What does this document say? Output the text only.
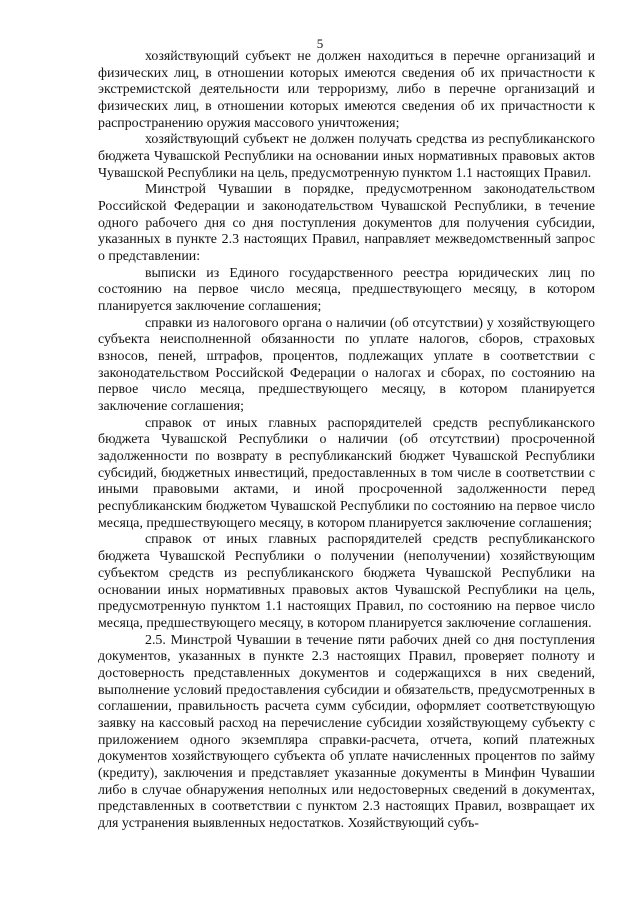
5

хозяйствующий субъект не должен находиться в перечне организаций и физических лиц, в отношении которых имеются сведения об их причастности к экстремистской деятельности или терроризму, либо в перечне организаций и физических лиц, в отношении которых имеются сведения об их причастности к распространению оружия массового уничтожения;

хозяйствующий субъект не должен получать средства из республиканского бюджета Чувашской Республики на основании иных нормативных правовых актов Чувашской Республики на цель, предусмотренную пунктом 1.1 настоящих Правил.

Минстрой Чувашии в порядке, предусмотренном законодательством Российской Федерации и законодательством Чувашской Республики, в течение одного рабочего дня со дня поступления документов для получения субсидии, указанных в пункте 2.3 настоящих Правил, направляет межведомственный запрос о представлении:

выписки из Единого государственного реестра юридических лиц по состоянию на первое число месяца, предшествующего месяцу, в котором планируется заключение соглашения;

справки из налогового органа о наличии (об отсутствии) у хозяйствующего субъекта неисполненной обязанности по уплате налогов, сборов, страховых взносов, пеней, штрафов, процентов, подлежащих уплате в соответствии с законодательством Российской Федерации о налогах и сборах, по состоянию на первое число месяца, предшествующего месяцу, в котором планируется заключение соглашения;

справок от иных главных распорядителей средств республиканского бюджета Чувашской Республики о наличии (об отсутствии) просроченной задолженности по возврату в республиканский бюджет Чувашской Республики субсидий, бюджетных инвестиций, предоставленных в том числе в соответствии с иными правовыми актами, и иной просроченной задолженности перед республиканским бюджетом Чувашской Республики по состоянию на первое число месяца, предшествующего месяцу, в котором планируется заключение соглашения;

справок от иных главных распорядителей средств республиканского бюджета Чувашской Республики о получении (неполучении) хозяйствующим субъектом средств из республиканского бюджета Чувашской Республики на основании иных нормативных правовых актов Чувашской Республики на цель, предусмотренную пунктом 1.1 настоящих Правил, по состоянию на первое число месяца, предшествующего месяцу, в котором планируется заключение соглашения.

2.5. Минстрой Чувашии в течение пяти рабочих дней со дня поступления документов, указанных в пункте 2.3 настоящих Правил, проверяет полноту и достоверность представленных документов и содержащихся в них сведений, выполнение условий предоставления субсидии и обязательств, предусмотренных в соглашении, правильность расчета сумм субсидии, оформляет соответствующую заявку на кассовый расход на перечисление субсидии хозяйствующему субъекту с приложением одного экземпляра справки-расчета, отчета, копий платежных документов хозяйствующего субъекта об уплате начисленных процентов по займу (кредиту), заключения и представляет указанные документы в Минфин Чувашии либо в случае обнаружения неполных или недостоверных сведений в документах, представленных в соответствии с пунктом 2.3 настоящих Правил, возвращает их для устранения выявленных недостатков. Хозяйствующий субъ-
